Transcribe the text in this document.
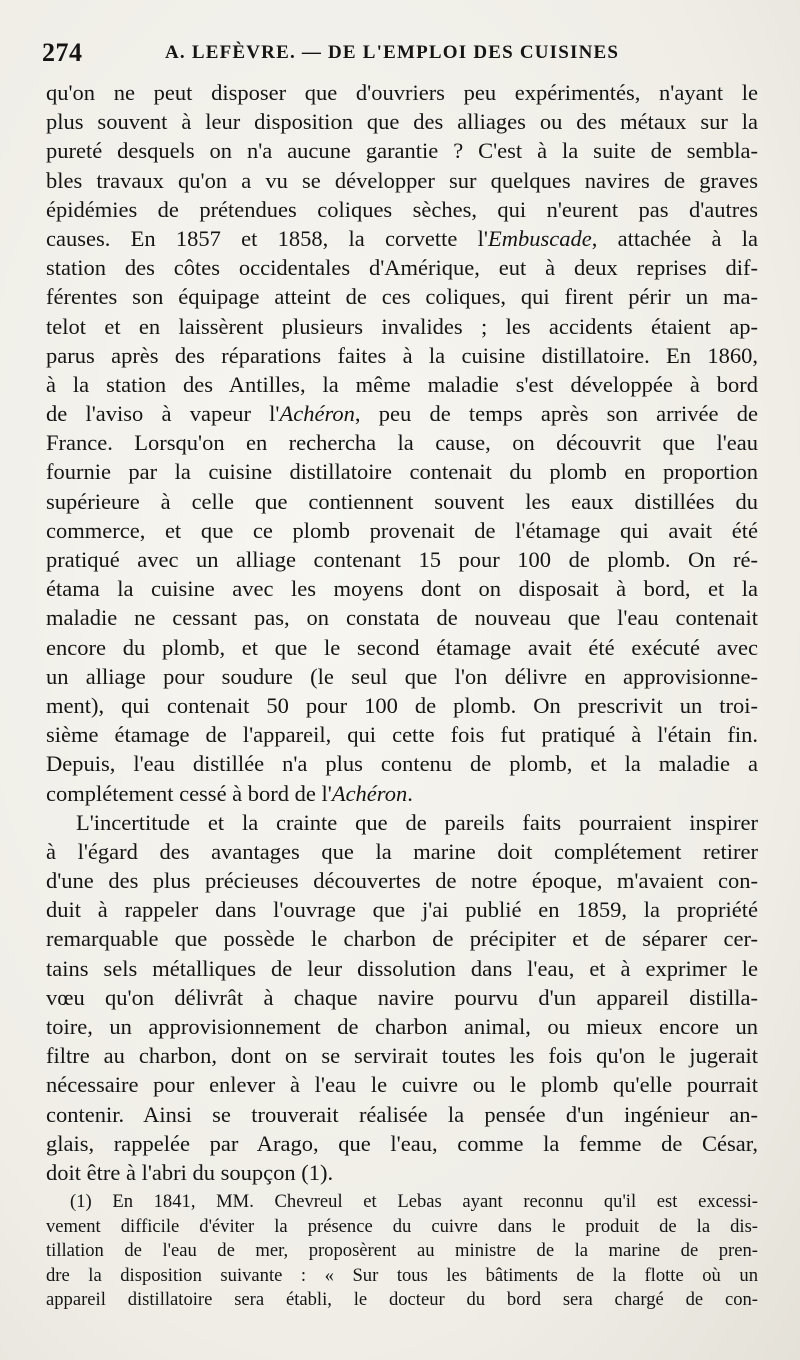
274	A. LEFÈVRE. — DE L'EMPLOI DES CUISINES
qu'on ne peut disposer que d'ouvriers peu expérimentés, n'ayant le
plus souvent à leur disposition que des alliages ou des métaux sur la
pureté desquels on n'a aucune garantie ? C'est à la suite de sembla-
bles travaux qu'on a vu se développer sur quelques navires de graves
épidémies de prétendues coliques sèches, qui n'eurent pas d'autres
causes. En 1857 et 1858, la corvette l'Embuscade, attachée à la
station des côtes occidentales d'Amérique, eut à deux reprises dif-
férentes son équipage atteint de ces coliques, qui firent périr un ma-
telot et en laissèrent plusieurs invalides ; les accidents étaient ap-
parus après des réparations faites à la cuisine distillatoire. En 1860,
à la station des Antilles, la même maladie s'est développée à bord
de l'aviso à vapeur l'Achéron, peu de temps après son arrivée de
France. Lorsqu'on en rechercha la cause, on découvrit que l'eau
fournie par la cuisine distillatoire contenait du plomb en proportion
supérieure à celle que contiennent souvent les eaux distillées du
commerce, et que ce plomb provenait de l'étamage qui avait été
pratiqué avec un alliage contenant 15 pour 100 de plomb. On ré-
étama la cuisine avec les moyens dont on disposait à bord, et la
maladie ne cessant pas, on constata de nouveau que l'eau contenait
encore du plomb, et que le second étamage avait été exécuté avec
un alliage pour soudure (le seul que l'on délivre en approvisionne-
ment), qui contenait 50 pour 100 de plomb. On prescrivit un troi-
sième étamage de l'appareil, qui cette fois fut pratiqué à l'étain fin.
Depuis, l'eau distillée n'a plus contenu de plomb, et la maladie a
complétement cessé à bord de l'Achéron.
L'incertitude et la crainte que de pareils faits pourraient inspirer
à l'égard des avantages que la marine doit complétement retirer
d'une des plus précieuses découvertes de notre époque, m'avaient con-
duit à rappeler dans l'ouvrage que j'ai publié en 1859, la propriété
remarquable que possède le charbon de précipiter et de séparer cer-
tains sels métalliques de leur dissolution dans l'eau, et à exprimer le
vœu qu'on délivrât à chaque navire pourvu d'un appareil distilla-
toire, un approvisionnement de charbon animal, ou mieux encore un
filtre au charbon, dont on se servirait toutes les fois qu'on le jugerait
nécessaire pour enlever à l'eau le cuivre ou le plomb qu'elle pourrait
contenir. Ainsi se trouverait réalisée la pensée d'un ingénieur an-
glais, rappelée par Arago, que l'eau, comme la femme de César,
doit être à l'abri du soupçon (1).
(1) En 1841, MM. Chevreul et Lebas ayant reconnu qu'il est excessi-
vement difficile d'éviter la présence du cuivre dans le produit de la dis-
tillation de l'eau de mer, proposèrent au ministre de la marine de pren-
dre la disposition suivante : « Sur tous les bâtiments de la flotte où un
appareil distillatoire sera établi, le docteur du bord sera chargé de con-
